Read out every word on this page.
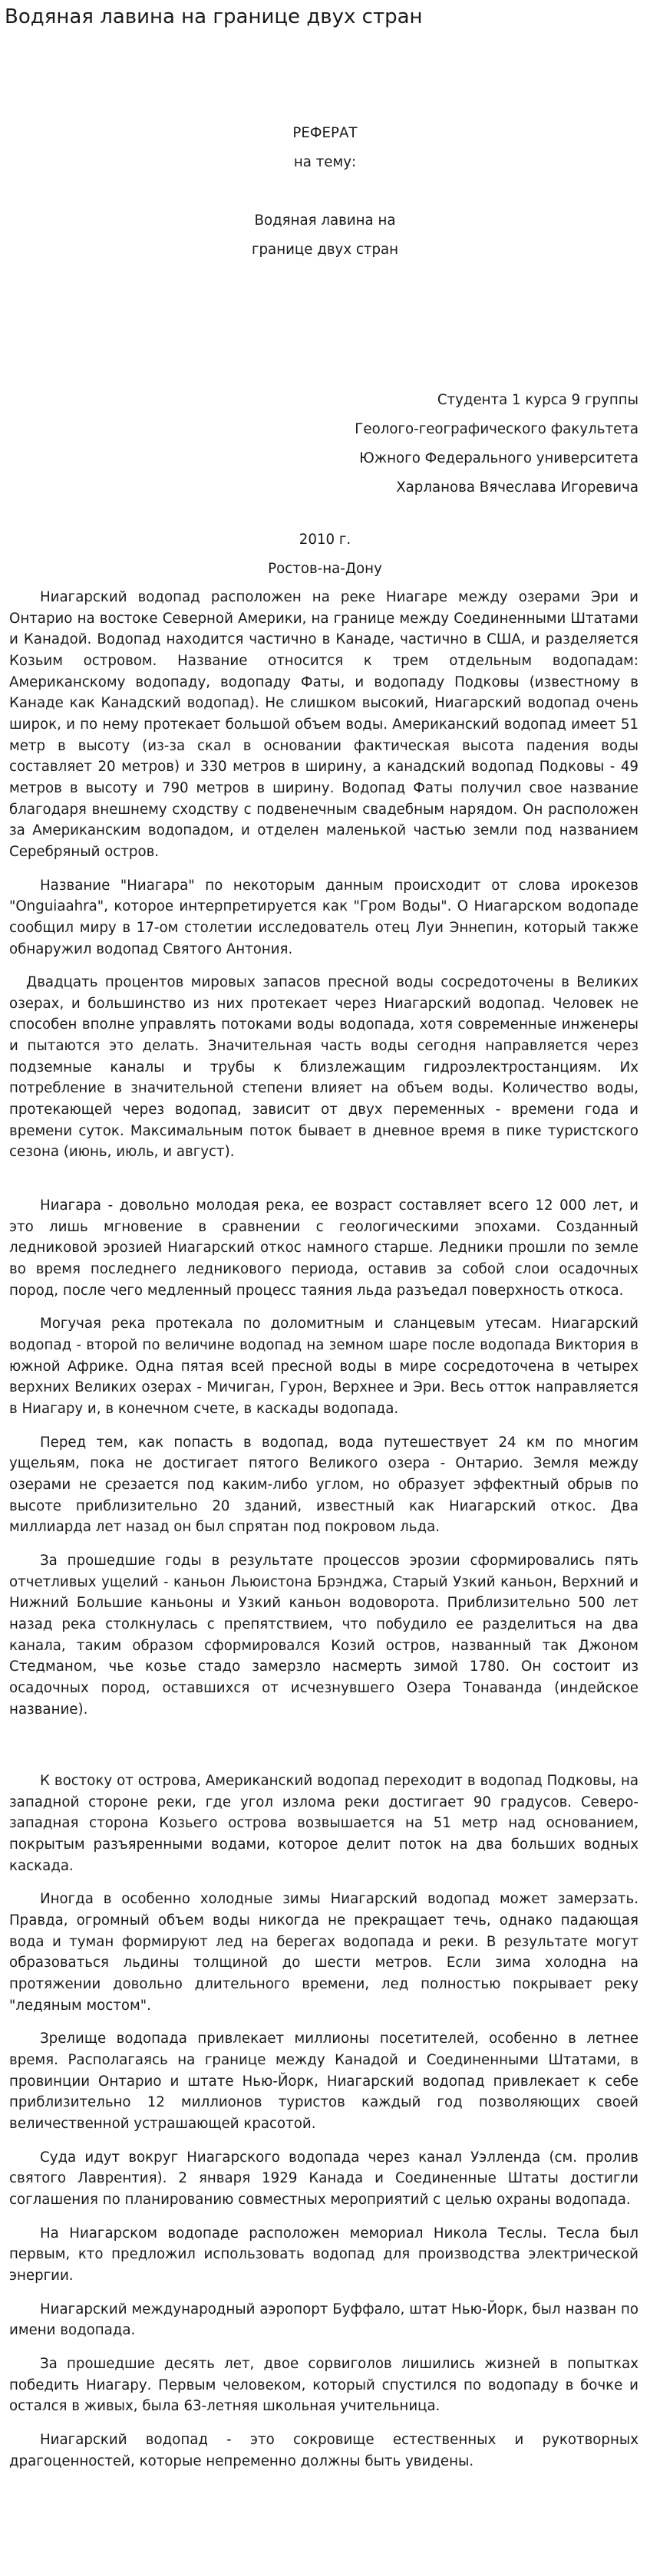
Водяная лавина на границе двух стран
РЕФЕРАТ
на тему:
Водяная лавина на
границе двух стран
Студента 1 курса 9 группы
Геолого-географического факультета
Южного Федерального университета
Харланова Вячеслава Игоревича
2010 г.
Ростов-на-Дону

Ниагарский водопад расположен на реке Ниагаре между озерами Эри и Онтарио на востоке Северной Америки, на границе между Соединенными Штатами и Канадой. Водопад находится частично в Канаде, частично в США, и разделяется Козьим островом. Название относится к трем отдельным водопадам: Американскому водопаду, водопаду Фаты, и водопаду Подковы (известному в Канаде как Канадский водопад). Не слишком высокий, Ниагарский водопад очень широк, и по нему протекает большой объем воды. Американский водопад имеет 51 метр в высоту (из-за скал в основании фактическая высота падения воды составляет 20 метров) и 330 метров в ширину, а канадский водопад Подковы - 49 метров в высоту и 790 метров в ширину. Водопад Фаты получил свое название благодаря внешнему сходству с подвенечным свадебным нарядом. Он расположен за Американским водопадом, и отделен маленькой частью земли под названием Серебряный остров.

Название "Ниагара" по некоторым данным происходит от слова ирокезов "Onguiaahra", которое интерпретируется как "Гром Воды". О Ниагарском водопаде сообщил миру в 17-ом столетии исследователь отец Луи Эннепин, который также обнаружил водопад Святого Антония.

Двадцать процентов мировых запасов пресной воды сосредоточены в Великих озерах, и большинство из них протекает через Ниагарский водопад. Человек не способен вполне управлять потоками воды водопада, хотя современные инженеры и пытаются это делать. Значительная часть воды сегодня направляется через подземные каналы и трубы к близлежащим гидроэлектростанциям. Их потребление в значительной степени влияет на объем воды. Количество воды, протекающей через водопад, зависит от двух переменных - времени года и времени суток. Максимальным поток бывает в дневное время в пике туристского сезона (июнь, июль, и август).

Ниагара - довольно молодая река, ее возраст составляет всего 12 000 лет, и это лишь мгновение в сравнении с геологическими эпохами. Созданный ледниковой эрозией Ниагарский откос намного старше. Ледники прошли по земле во время последнего ледникового периода, оставив за собой слои осадочных пород, после чего медленный процесс таяния льда разъедал поверхность откоса.

Могучая река протекала по доломитным и сланцевым утесам. Ниагарский водопад - второй по величине водопад на земном шаре после водопада Виктория в южной Африке. Одна пятая всей пресной воды в мире сосредоточена в четырех верхних Великих озерах - Мичиган, Гурон, Верхнее и Эри. Весь отток направляется в Ниагару и, в конечном счете, в каскады водопада.

Перед тем, как попасть в водопад, вода путешествует 24 км по многим ущельям, пока не достигает пятого Великого озера - Онтарио. Земля между озерами не срезается под каким-либо углом, но образует эффектный обрыв по высоте приблизительно 20 зданий, известный как Ниагарский откос. Два миллиарда лет назад он был спрятан под покровом льда.

За прошедшие годы в результате процессов эрозии сформировались пять отчетливых ущелий - каньон Льюистона Брэнджа, Старый Узкий каньон, Верхний и Нижний Большие каньоны и Узкий каньон водоворота. Приблизительно 500 лет назад река столкнулась с препятствием, что побудило ее разделиться на два канала, таким образом сформировался Козий остров, названный так Джоном Стедманом, чье козье стадо замерзло насмерть зимой 1780. Он состоит из осадочных пород, оставшихся от исчезнувшего Озера Тонаванда (индейское название).

К востоку от острова, Американский водопад переходит в водопад Подковы, на западной стороне реки, где угол излома реки достигает 90 градусов. Северо-западная сторона Козьего острова возвышается на 51 метр над основанием, покрытым разъяренными водами, которое делит поток на два больших водных каскада.

Иногда в особенно холодные зимы Ниагарский водопад может замерзать. Правда, огромный объем воды никогда не прекращает течь, однако падающая вода и туман формируют лед на берегах водопада и реки. В результате могут образоваться льдины толщиной до шести метров. Если зима холодна на протяжении довольно длительного времени, лед полностью покрывает реку "ледяным мостом".

Зрелище водопада привлекает миллионы посетителей, особенно в летнее время. Располагаясь на границе между Канадой и Соединенными Штатами, в провинции Онтарио и штате Нью-Йорк, Ниагарский водопад привлекает к себе приблизительно 12 миллионов туристов каждый год позволяющих своей величественной устрашающей красотой.

Суда идут вокруг Ниагарского водопада через канал Уэлленда (см. пролив святого Лаврентия). 2 января 1929 Канада и Соединенные Штаты достигли соглашения по планированию совместных мероприятий с целью охраны водопада.

На Ниагарском водопаде расположен мемориал Никола Теслы. Тесла был первым, кто предложил использовать водопад для производства электрической энергии.

Ниагарский международный аэропорт Буффало, штат Нью-Йорк, был назван по имени водопада.

За прошедшие десять лет, двое сорвиголов лишились жизней в попытках победить Ниагару. Первым человеком, который спустился по водопаду в бочке и остался в живых, была 63-летняя школьная учительница.

Ниагарский водопад - это сокровище естественных и рукотворных драгоценностей, которые непременно должны быть увидены.
